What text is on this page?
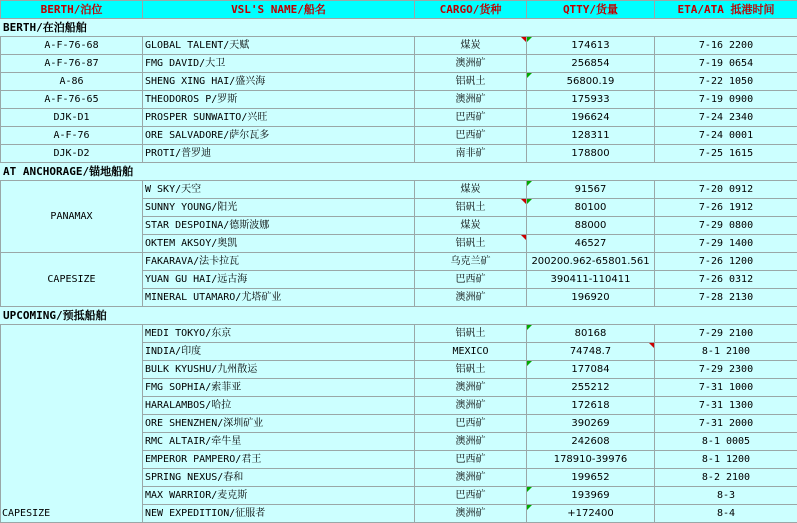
BERTH/泊位	VSL'S NAME/船名	CARGO/货种	QTTY/货量	ETA/ATA 抵港时间
BERTH/在泊船舶				
A-F-76-68	GLOBAL TALENT/天赋	煤炭	174613	7-16 2200
A-F-76-87	FMG DAVID/大卫	澳洲矿	256854	7-19 0654
A-86	SHENG XING HAI/盛兴海	铝矾土	56800.19	7-22 1050
A-F-76-65	THEODOROS P/罗斯	澳洲矿	175933	7-19 0900
DJK-D1	PROSPER SUNWAITO/兴旺	巴西矿	196624	7-24 2340
A-F-76	ORE SALVADORE/萨尔瓦多	巴西矿	128311	7-24 0001
DJK-D2	PROTI/普罗迪	南非矿	178800	7-25 1615
AT ANCHORAGE/锚地船舶				
PANAMAX	W SKY/天空	煤炭	91567	7-20 0912
	SUNNY YOUNG/阳光	铝矾土	80100	7-26 1912
	STAR DESPOINA/德斯波娜	煤炭	88000	7-29 0800
	OKTEM AKSOY/奥凯	铝矾土	46527	7-29 1400
CAPESIZE	FAKARAVA/法卡拉瓦	乌克兰矿	200200.962-65801.561	7-26 1200
	YUAN GU HAI/远古海	巴西矿	390411-110411	7-26 0312
	MINERAL UTAMARO/尤塔矿业	澳洲矿	196920	7-28 2130
UPCOMING/预抵船舶				
CAPESIZE	MEDI TOKYO/东京	铝矾土	80168	7-29 2100
	INDIA/印度	MEXICO	74748.7	8-1 2100
	BULK KYUSHU/九州散运	铝矾土	177084	7-29 2300
	FMG SOPHIA/索菲亚	澳洲矿	255212	7-31 1000
	HARALAMBOS/哈拉	澳洲矿	172618	7-31 1300
	ORE SHENZHEN/深圳矿业	巴西矿	390269	7-31 2000
	RMC ALTAIR/牵牛星	澳洲矿	242608	8-1 0005
	EMPEROR PAMPERO/君王	巴西矿	178910-39976	8-1 1200
	SPRING NEXUS/春和	澳洲矿	199652	8-2 2100
	MAX WARRIOR/麦克斯	巴西矿	193969	8-3
	NEW EXPEDITION/征服者	澳洲矿	+172400	8-4
